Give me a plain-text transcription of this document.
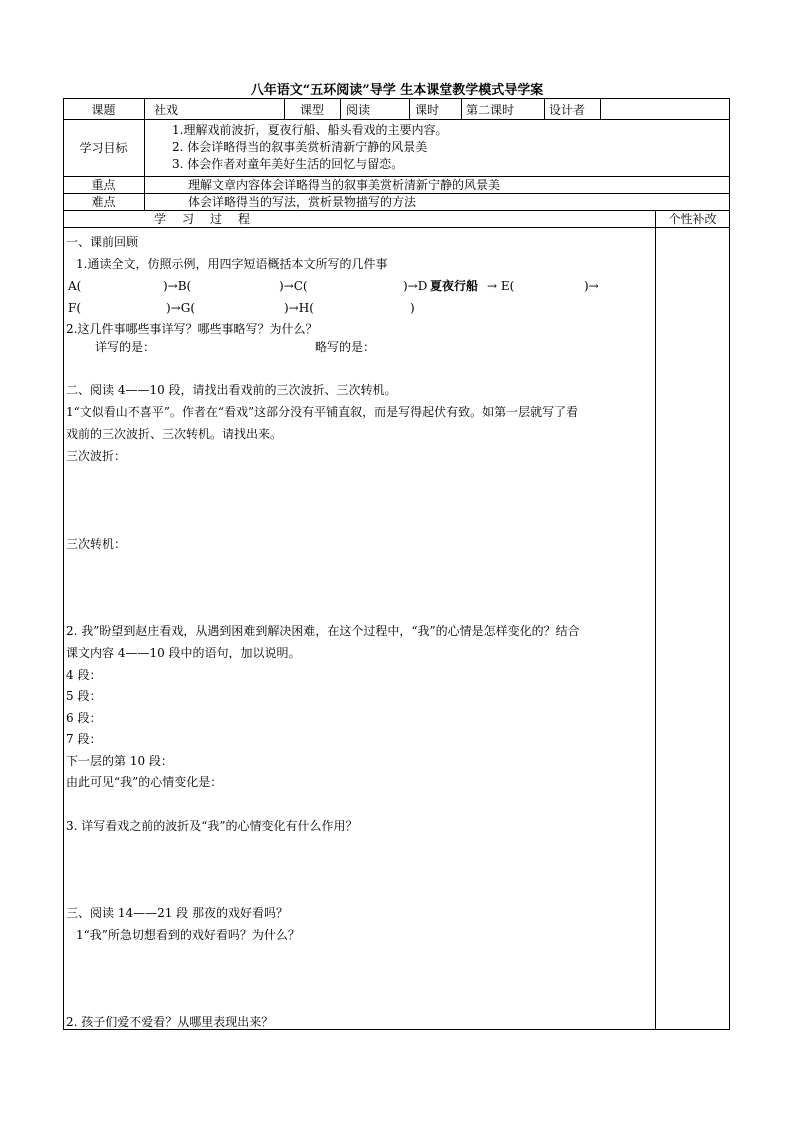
八年语文“五环阅读”导学 生本课堂教学模式导学案
课题	社戏	课型	阅读	课时 第二课时	设计者
学习目标
1.理解戏前波折，夏夜行船、船头看戏的主要内容。
2. 体会详略得当的叙事美赏析清新宁静的风景美
3. 体会作者对童年美好生活的回忆与留恋。
重点	理解文章内容体会详略得当的叙事美赏析清新宁静的风景美
难点	体会详略得当的写法，赏析景物描写的方法
学　习　过　程	个性补改
一、课前回顾
1.通读全文，仿照示例，用四字短语概括本文所写的几件事
A(	)→B(	)→C(	)→D 夏夜行船 → E(	)→
F(	)→G(	)→H(	)
2.这几件事哪些事详写？哪些事略写？为什么？
详写的是：	略写的是：
二、阅读 4——10 段，请找出看戏前的三次波折、三次转机。
1“文似看山不喜平”。作者在“看戏”这部分没有平铺直叙，而是写得起伏有致。如第一层就写了看
戏前的三次波折、三次转机。请找出来。
三次波折：
三次转机：
2. 我”盼望到赵庄看戏，从遇到困难到解决困难，在这个过程中，“我”的心情是怎样变化的？结合
课文内容 4——10 段中的语句，加以说明。
4 段：
5 段：
6 段：
7 段：
下一层的第 10 段：
由此可见“我”的心情变化是：
3. 详写看戏之前的波折及“我”的心情变化有什么作用？
三、阅读 14——21 段 那夜的戏好看吗？
1“我”所急切想看到的戏好看吗？为什么？
2. 孩子们爱不爱看？从哪里表现出来？
